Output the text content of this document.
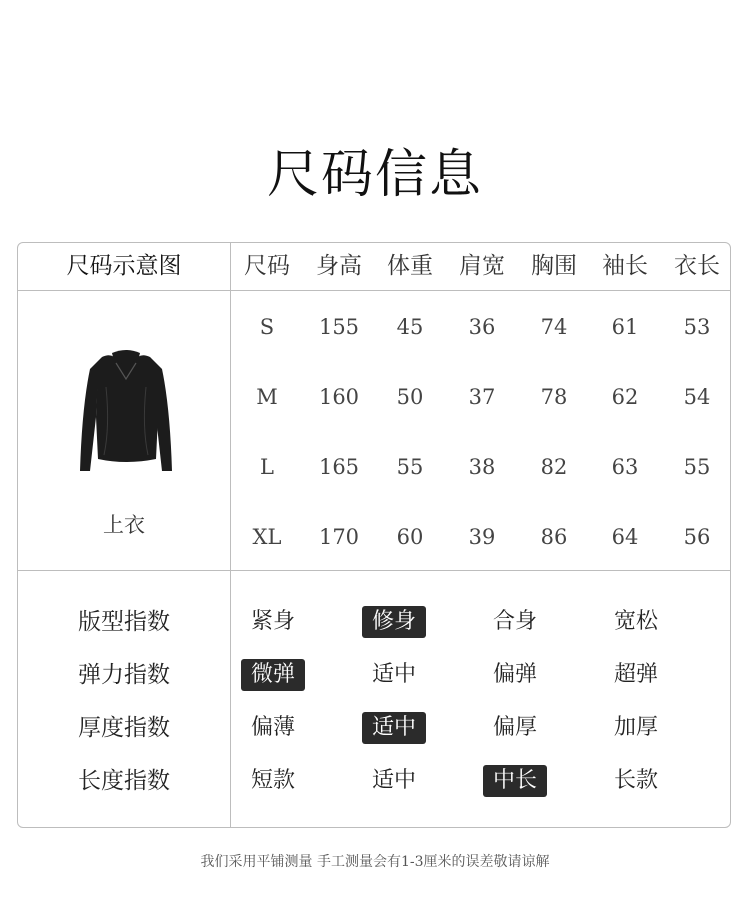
尺码信息
尺码示意图	尺码	身高	体重	肩宽	胸围	袖长	衣长
上衣
S	155	45	36	74	61	53
M	160	50	37	78	62	54
L	165	55	38	82	63	55
XL	170	60	39	86	64	56
版型指数	紧身	修身	合身	宽松
弹力指数	微弹	适中	偏弹	超弹
厚度指数	偏薄	适中	偏厚	加厚
长度指数	短款	适中	中长	长款
我们采用平铺测量 手工测量会有1-3厘米的误差敬请谅解
